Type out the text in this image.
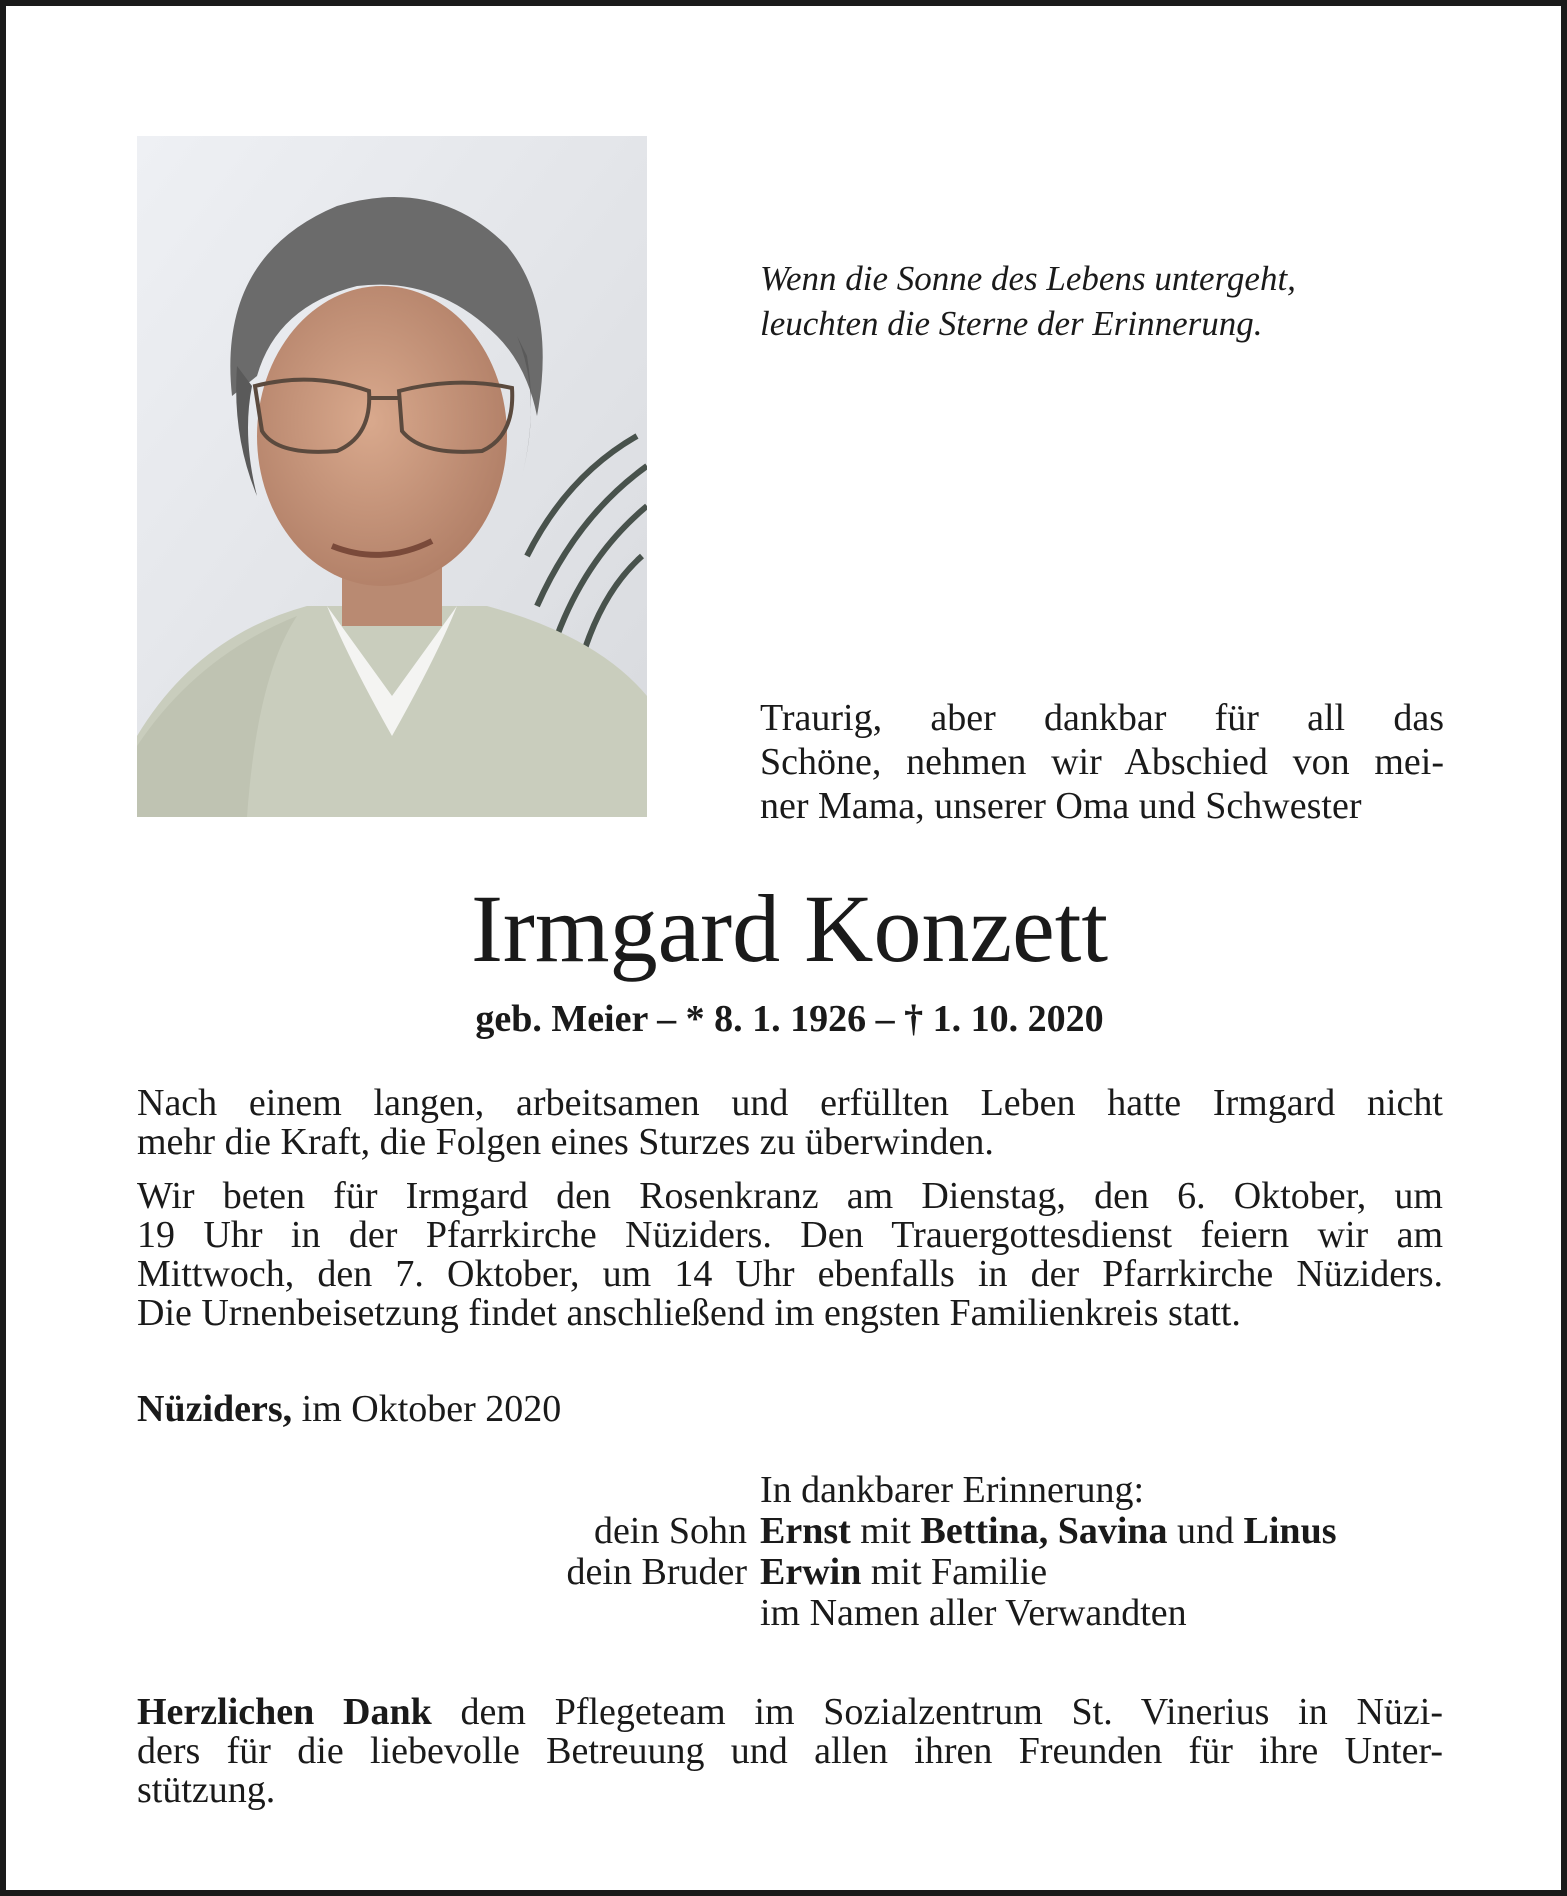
Wenn die Sonne des Lebens untergeht,
leuchten die Sterne der Erinnerung.

Traurig, aber dankbar für all das
Schöne, nehmen wir Abschied von mei-
ner Mama, unserer Oma und Schwester

Irmgard Konzett

geb. Meier – * 8. 1. 1926 – † 1. 10. 2020

Nach einem langen, arbeitsamen und erfüllten Leben hatte Irmgard nicht
mehr die Kraft, die Folgen eines Sturzes zu überwinden.

Wir beten für Irmgard den Rosenkranz am Dienstag, den 6. Oktober, um
19 Uhr in der Pfarrkirche Nüziders. Den Trauergottesdienst feiern wir am
Mittwoch, den 7. Oktober, um 14 Uhr ebenfalls in der Pfarrkirche Nüziders.
Die Urnenbeisetzung findet anschließend im engsten Familienkreis statt.

Nüziders, im Oktober 2020

In dankbarer Erinnerung:
dein Sohn Ernst mit Bettina, Savina und Linus
dein Bruder Erwin mit Familie
im Namen aller Verwandten

Herzlichen Dank dem Pflegeteam im Sozialzentrum St. Vinerius in Nüzi-
ders für die liebevolle Betreuung und allen ihren Freunden für ihre Unter-
stützung.
